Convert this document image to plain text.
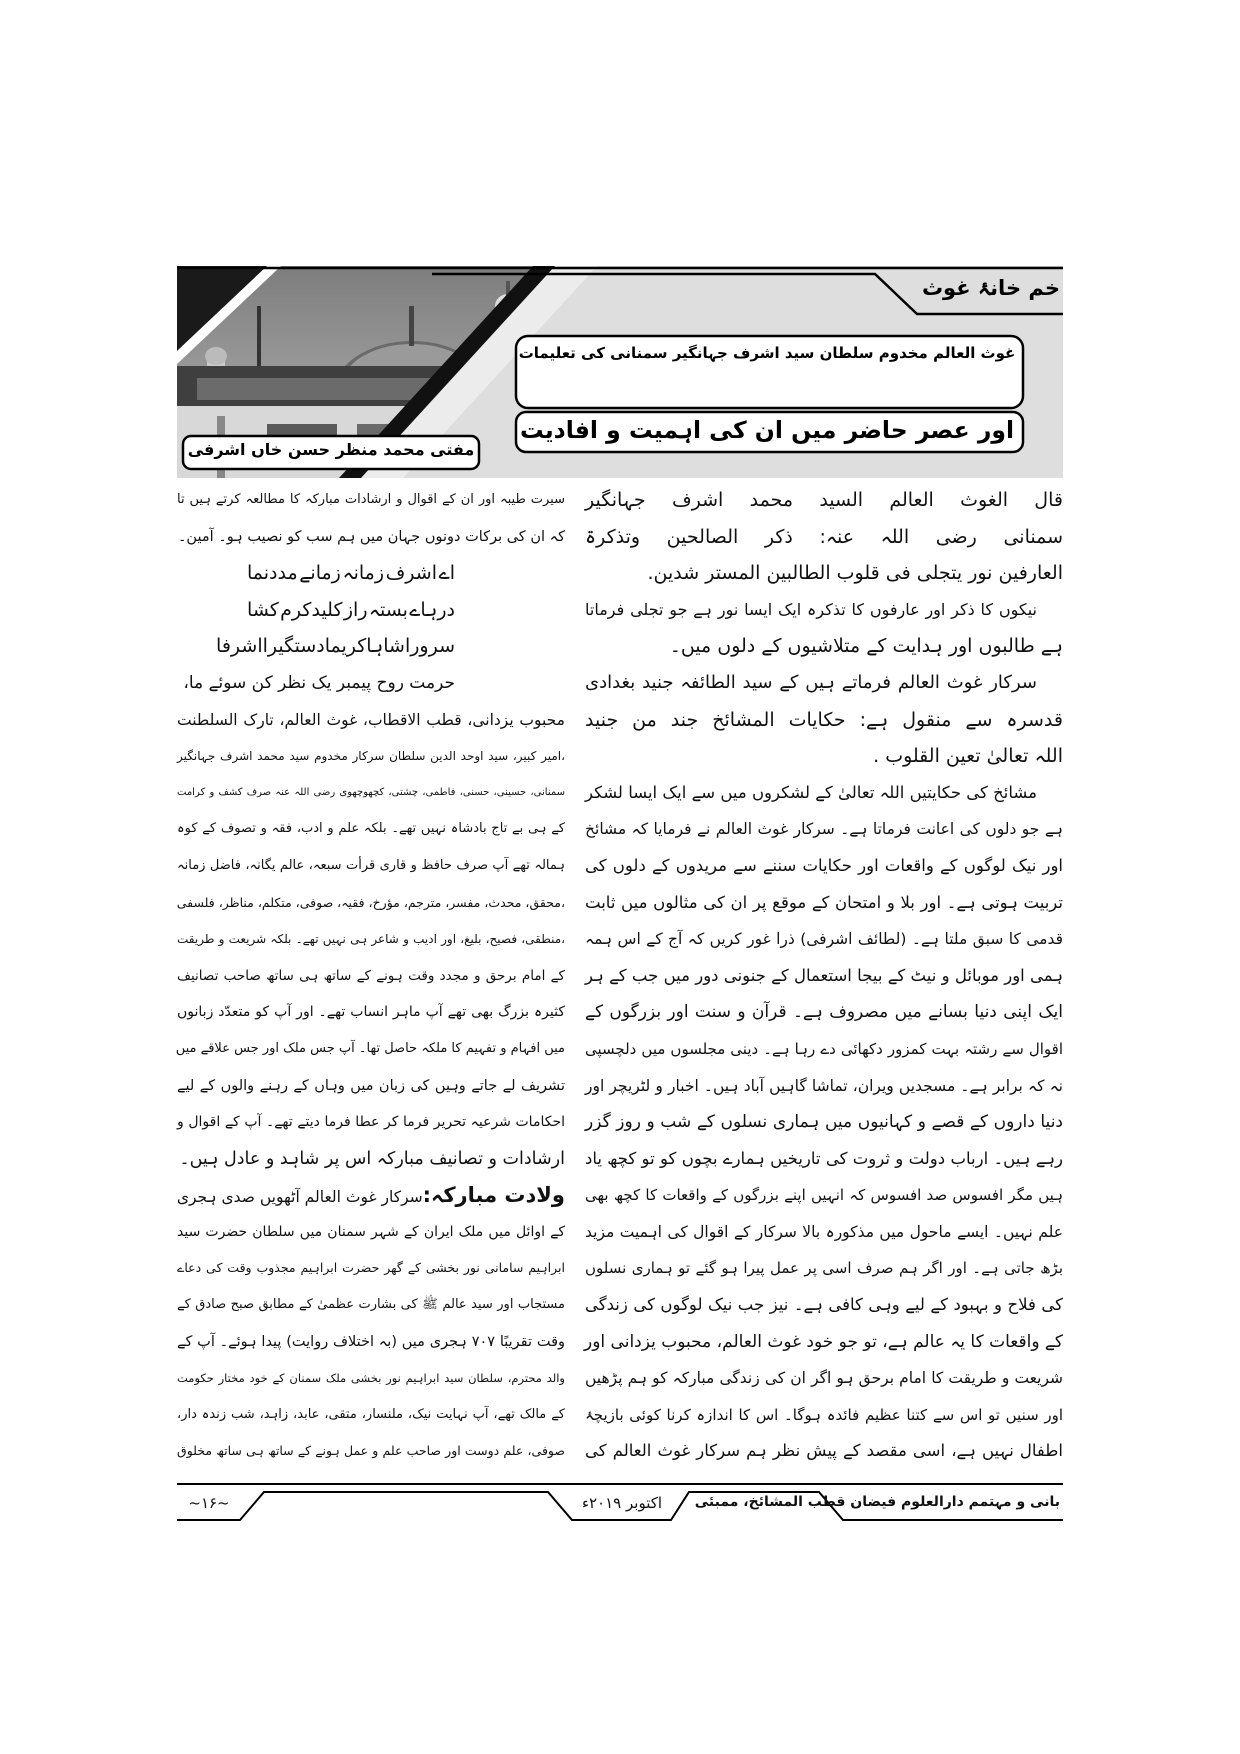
خم خانۂ غوث
غوث العالم مخدوم سلطان سید اشرف جہانگیر سمنانی کی تعلیمات
اور عصر حاضر میں ان کی اہمیت و افادیت
مفتی محمد منظر حسن خاں اشرفی
قال الغوث العالم السید محمد اشرف جہانگیر
سمنانی رضی اللہ عنہ: ذکر الصالحین وتذکرۃ
العارفین نور یتجلی فی قلوب الطالبین المستر شدین.
نیکوں کا ذکر اور عارفوں کا تذکرہ ایک ایسا نور ہے جو تجلی فرماتا
ہے طالبوں اور ہدایت کے متلاشیوں کے دلوں میں۔
سرکار غوث العالم فرماتے ہیں کے سید الطائفہ جنید بغدادی
قدسرہ سے منقول ہے: حکایات المشائخ جند من جنید
اللہ تعالیٰ تعین القلوب .
مشائخ کی حکایتیں اللہ تعالیٰ کے لشکروں میں سے ایک ایسا لشکر
ہے جو دلوں کی اعانت فرماتا ہے۔ سرکار غوث العالم نے فرمایا کہ مشائخ
اور نیک لوگوں کے واقعات اور حکایات سننے سے مریدوں کے دلوں کی
تربیت ہوتی ہے۔ اور بلا و امتحان کے موقع پر ان کی مثالوں میں ثابت
قدمی کا سبق ملتا ہے۔ (لطائف اشرفی) ذرا غور کریں کہ آج کے اس ہمہ
ہمی اور موبائل و نیٹ کے بیجا استعمال کے جنونی دور میں جب کے ہر
ایک اپنی دنیا بسانے میں مصروف ہے۔ قرآن و سنت اور بزرگوں کے
اقوال سے رشتہ بہت کمزور دکھائی دے رہا ہے۔ دینی مجلسوں میں دلچسپی
نہ کہ برابر ہے۔ مسجدیں ویران، تماشا گاہیں آباد ہیں۔ اخبار و لٹریچر اور
دنیا داروں کے قصے و کہانیوں میں ہماری نسلوں کے شب و روز گزر
رہے ہیں۔ ارباب دولت و ثروت کی تاریخیں ہمارے بچوں کو تو کچھ یاد
ہیں مگر افسوس صد افسوس کہ انہیں اپنے بزرگوں کے واقعات کا کچھ بھی
علم نہیں۔ ایسے ماحول میں مذکورہ بالا سرکار کے اقوال کی اہمیت مزید
بڑھ جاتی ہے۔ اور اگر ہم صرف اسی پر عمل پیرا ہو گئے تو ہماری نسلوں
کی فلاح و بہبود کے لیے وہی کافی ہے۔ نیز جب نیک لوگوں کی زندگی
کے واقعات کا یہ عالم ہے، تو جو خود غوث العالم، محبوب یزدانی اور
شریعت و طریقت کا امام برحق ہو اگر ان کی زندگی مبارکہ کو ہم پڑھیں
اور سنیں تو اس سے کتنا عظیم فائدہ ہوگا۔ اس کا اندازہ کرنا کوئی بازیچۂ
اطفال نہیں ہے، اسی مقصد کے پیش نظر ہم سرکار غوث العالم کی
سیرت طیبہ اور ان کے اقوال و ارشادات مبارکہ کا مطالعہ کرتے ہیں تا
کہ ان کی برکات دونوں جہان میں ہم سب کو نصیب ہو۔ آمین۔
اے
اشرف
زمانہ
زمانے
مددنما
درہاے
بستہ
راز
کلیدکرم
کشا
سرورا
شاہاکریما
دستگیرا
اشرفا
حرمت روح پیمبر یک نظر کن سوئے ما،
محبوب یزدانی، قطب الاقطاب، غوث العالم، تارک السلطنت
،امیر کبیر، سید اوحد الدین سلطان سرکار مخدوم سید محمد اشرف جہانگیر
سمنانی، حسینی، حسنی، فاطمی، چشتی، کچھوچھوی رضی اللہ عنہ صرف کشف و کرامت
کے ہی بے تاج بادشاہ نہیں تھے۔ بلکہ علم و ادب، فقہ و تصوف کے کوہ
ہمالہ تھے آپ صرف حافظ و قاری قرأت سبعہ، عالم یگانہ، فاضل زمانہ
،محقق، محدث، مفسر، مترجم، مؤرخ، فقیہ، صوفی، متکلم، مناظر، فلسفی
،منطقی، فصیح، بلیغ، اور ادیب و شاعر ہی نہیں تھے۔ بلکہ شریعت و طریقت
کے امام برحق و مجدد وقت ہونے کے ساتھ ہی ساتھ صاحب تصانیف
کثیرہ بزرگ بھی تھے آپ ماہر انساب تھے۔ اور آپ کو متعدّد زبانوں
میں افہام و تفہیم کا ملکہ حاصل تھا۔ آپ جس ملک اور جس علاقے میں
تشریف لے جاتے وہیں کی زبان میں وہاں کے رہنے والوں کے لیے
احکامات شرعیہ تحریر فرما کر عطا فرما دیتے تھے۔ آپ کے اقوال و
ارشادات و تصانیف مبارکہ اس پر شاہد و عادل ہیں۔
ولادت مبارکہ:سرکار غوث العالم آٹھویں صدی ہجری
کے اوائل میں ملک ایران کے شہر سمنان میں سلطان حضرت سید
ابراہیم سامانی نور بخشی کے گھر حضرت ابراہیم مجذوب وقت کی دعاے
مستجاب اور سید عالم ﷺ کی بشارت عظمیٰ کے مطابق صبح صادق کے
وقت تقریبًا ۷۰۷ ہجری میں (بہ اختلاف روایت) پیدا ہوئے۔ آپ کے
والد محترم، سلطان سید ابراہیم نور بخشی ملک سمنان کے خود مختار حکومت
کے مالک تھے، آپ نہایت نیک، ملنسار، متقی، عابد، زاہد، شب زندہ دار،
صوفی، علم دوست اور صاحب علم و عمل ہونے کے ساتھ ہی ساتھ مخلوق
بانی و مہتمم دارالعلوم فیضان قطب المشائخ، ممبئی
اکتوبر ۲۰۱۹ء
~۱۶~
